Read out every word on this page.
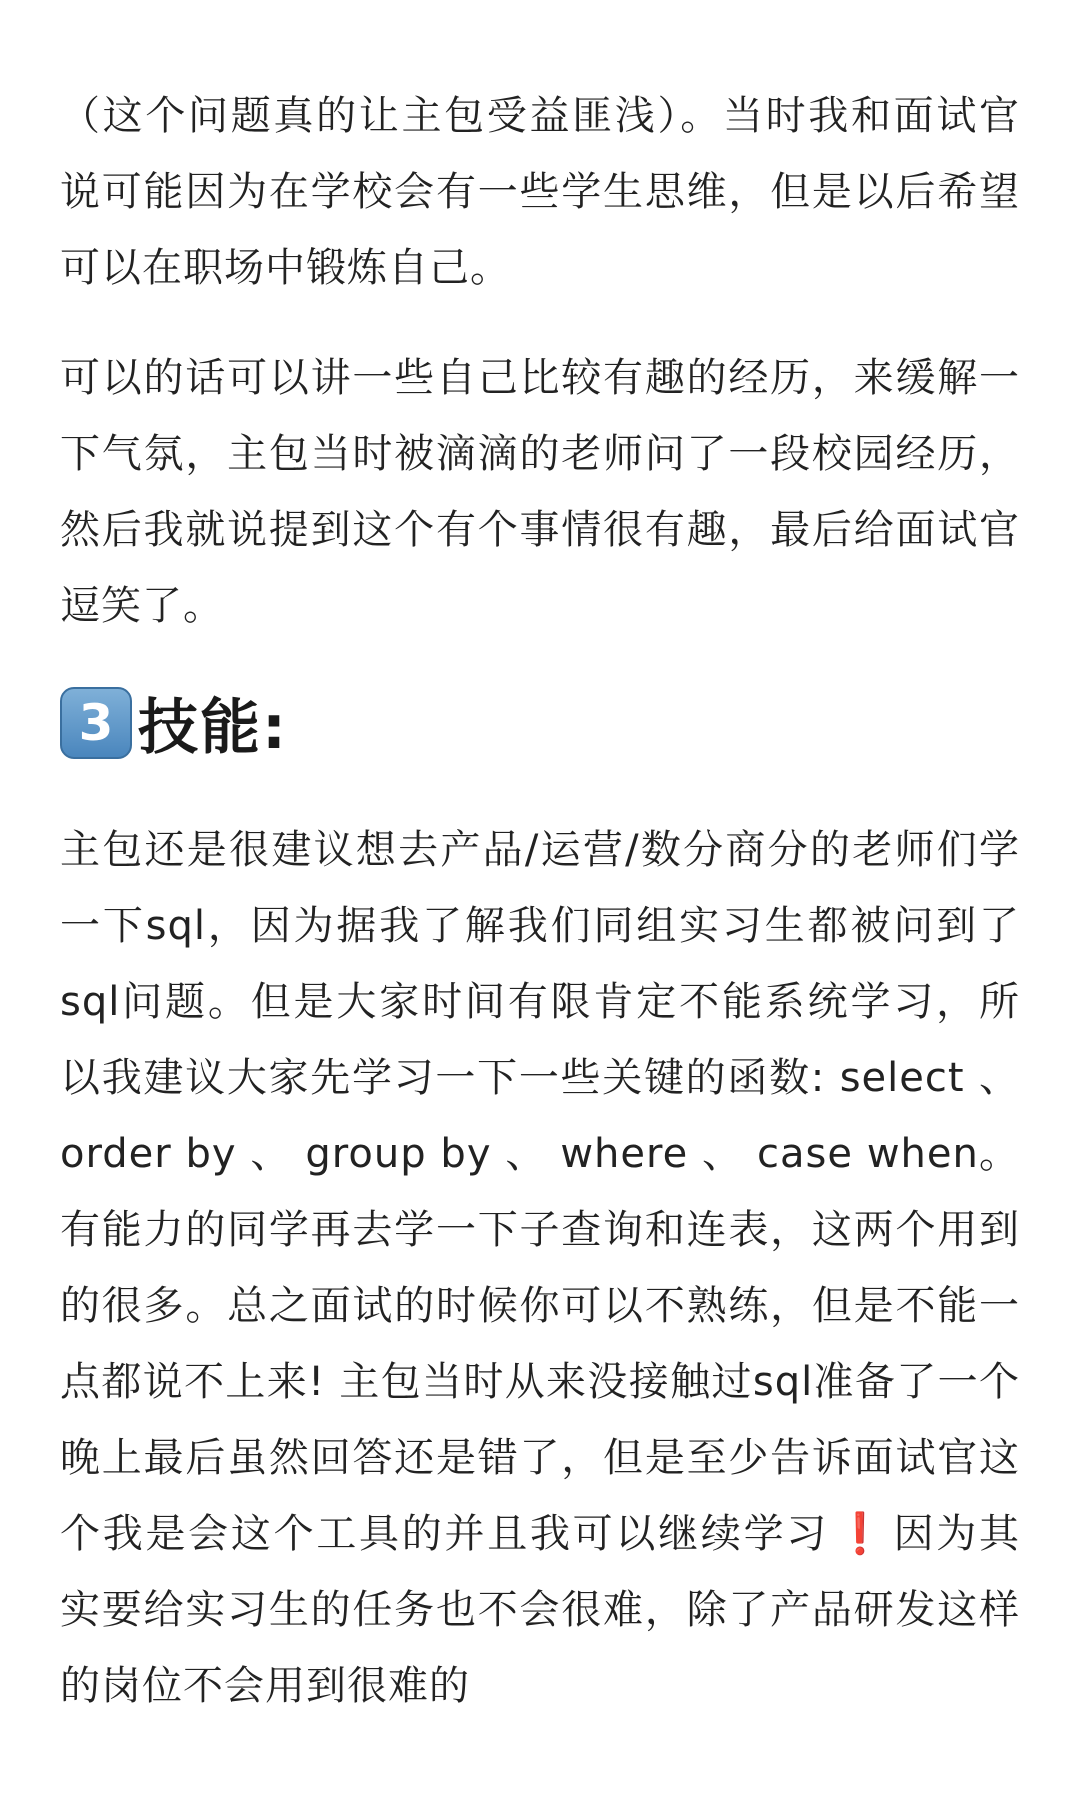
（这个问题真的让主包受益匪浅）。当时我和面试官说可能因为在学校会有一些学生思维，但是以后希望可以在职场中锻炼自己。

可以的话可以讲一些自己比较有趣的经历，来缓解一下气氛，主包当时被滴滴的老师问了一段校园经历，然后我就说提到这个有个事情很有趣，最后给面试官逗笑了。

3 技能:

主包还是很建议想去产品/运营/数分商分的老师们学一下sql，因为据我了解我们同组实习生都被问到了sql问题。但是大家时间有限肯定不能系统学习，所以我建议大家先学习一下一些关键的函数: select 、 order by 、 group by 、 where 、 case when。有能力的同学再去学一下子查询和连表，这两个用到的很多。总之面试的时候你可以不熟练，但是不能一点都说不上来! 主包当时从来没接触过sql准备了一个晚上最后虽然回答还是错了，但是至少告诉面试官这个我是会这个工具的并且我可以继续学习 ❗ 因为其实要给实习生的任务也不会很难，除了产品研发这样的岗位不会用到很难的
